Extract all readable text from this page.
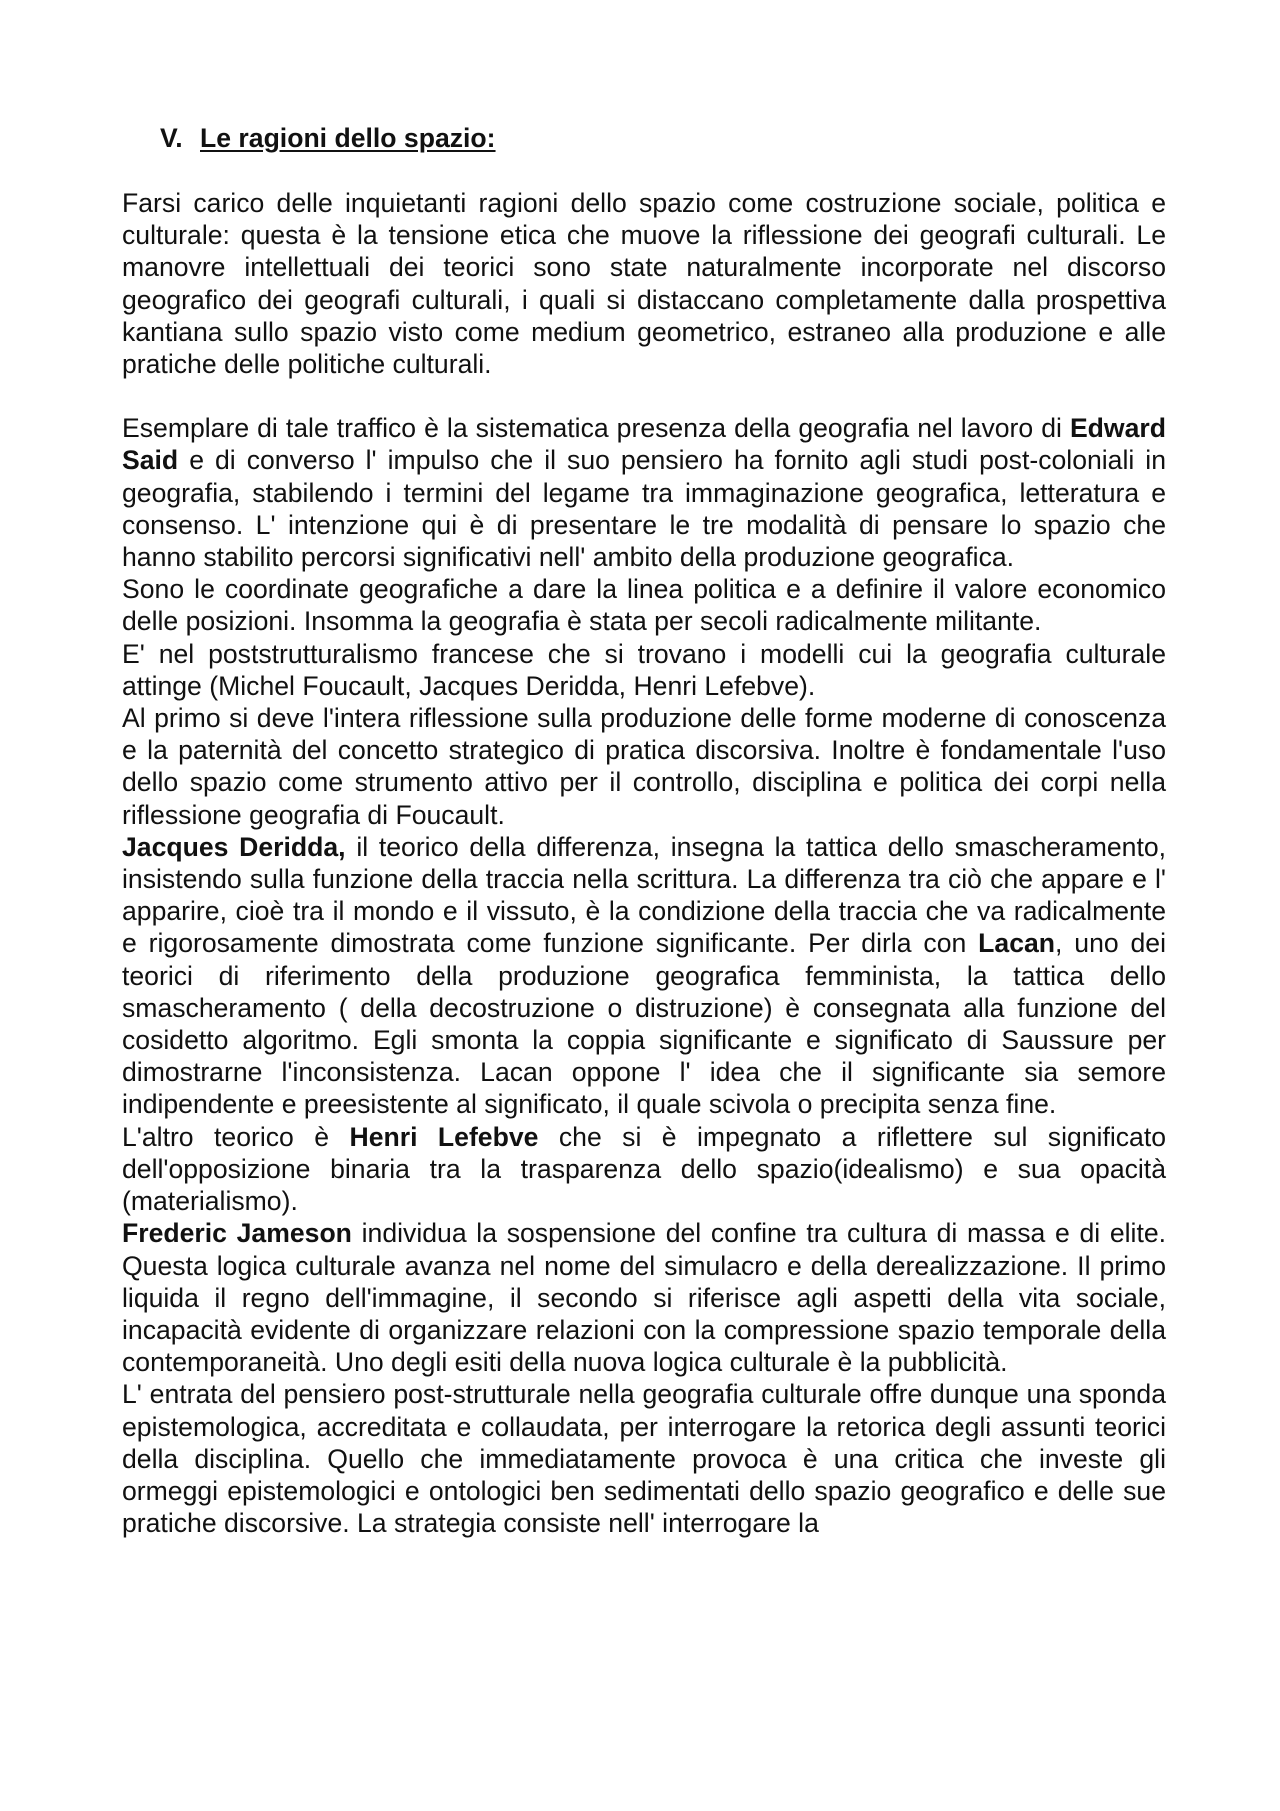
V. Le ragioni dello spazio:

Farsi carico delle inquietanti ragioni dello spazio come costruzione sociale, politica e culturale: questa è la tensione etica che muove la riflessione dei geografi culturali. Le manovre intellettuali dei teorici sono state naturalmente incorporate nel discorso geografico dei geografi culturali, i quali si distaccano completamente dalla prospettiva kantiana sullo spazio visto come medium geometrico, estraneo alla produzione e alle pratiche delle politiche culturali.

Esemplare di tale traffico è la sistematica presenza della geografia nel lavoro di Edward Said e di converso l' impulso che il suo pensiero ha fornito agli studi post-coloniali in geografia, stabilendo i termini del legame tra immaginazione geografica, letteratura e consenso. L' intenzione qui è di presentare le tre modalità di pensare lo spazio che hanno stabilito percorsi significativi nell' ambito della produzione geografica.

Sono le coordinate geografiche a dare la linea politica e a definire il valore economico delle posizioni. Insomma la geografia è stata per secoli radicalmente militante.

E' nel poststrutturalismo francese che si trovano i modelli cui la geografia culturale attinge (Michel Foucault, Jacques Deridda, Henri Lefebve).

Al primo si deve l'intera riflessione sulla produzione delle forme moderne di conoscenza e la paternità del concetto strategico di pratica discorsiva. Inoltre è fondamentale l'uso dello spazio come strumento attivo per il controllo, disciplina e politica dei corpi nella riflessione geografia di Foucault.

Jacques Deridda, il teorico della differenza, insegna la tattica dello smascheramento, insistendo sulla funzione della traccia nella scrittura. La differenza tra ciò che appare e l' apparire, cioè tra il mondo e il vissuto, è la condizione della traccia che va radicalmente e rigorosamente dimostrata come funzione significante. Per dirla con Lacan, uno dei teorici di riferimento della produzione geografica femminista, la tattica dello smascheramento ( della decostruzione o distruzione) è consegnata alla funzione del cosidetto algoritmo. Egli smonta la coppia significante e significato di Saussure per dimostrarne l'inconsistenza. Lacan oppone l' idea che il significante sia semore indipendente e preesistente al significato, il quale scivola o precipita senza fine.

L'altro teorico è Henri Lefebve che si è impegnato a riflettere sul significato dell'opposizione binaria tra la trasparenza dello spazio(idealismo) e sua opacità (materialismo).

Frederic Jameson individua la sospensione del confine tra cultura di massa e di elite. Questa logica culturale avanza nel nome del simulacro e della derealizzazione. Il primo liquida il regno dell'immagine, il secondo si riferisce agli aspetti della vita sociale, incapacità evidente di organizzare relazioni con la compressione spazio temporale della contemporaneità. Uno degli esiti della nuova logica culturale è la pubblicità.

L' entrata del pensiero post-strutturale nella geografia culturale offre dunque una sponda epistemologica, accreditata e collaudata, per interrogare la retorica degli assunti teorici della disciplina. Quello che immediatamente provoca è una critica che investe gli ormeggi epistemologici e ontologici ben sedimentati dello spazio geografico e delle sue pratiche discorsive. La strategia consiste nell' interrogare la
